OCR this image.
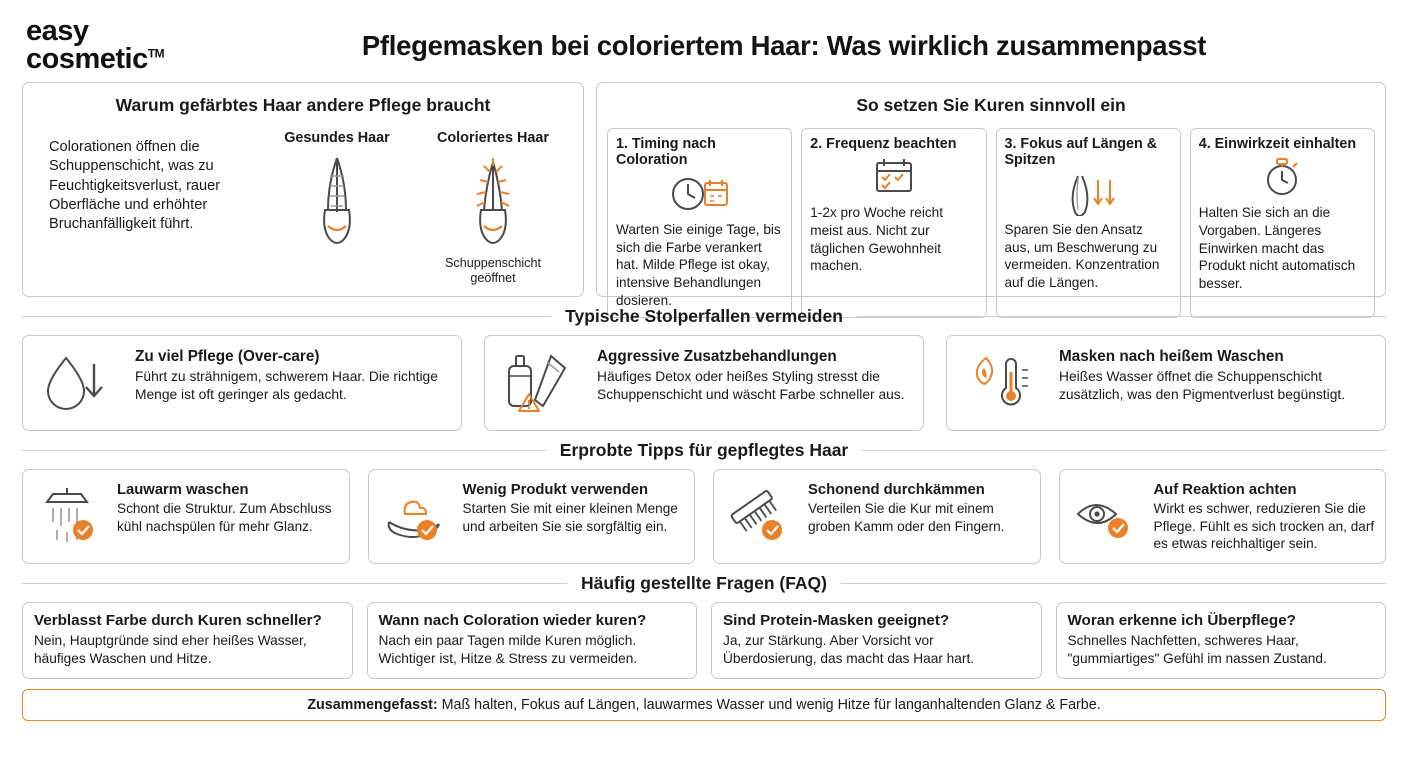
easy
cosmetic™	Pflegemasken bei coloriertem Haar: Was wirklich zusammenpasst
Warum gefärbtes Haar andere Pflege braucht
Colorationen öffnen die Schuppenschicht, was zu Feuchtigkeitsverlust, rauer Oberfläche und erhöhter Bruchanfälligkeit führt.
Gesundes Haar	Coloriertes Haar
Schuppenschicht
geöffnet
So setzen Sie Kuren sinnvoll ein
1. Timing nach Coloration
Warten Sie einige Tage, bis sich die Farbe verankert hat. Milde Pflege ist okay, intensive Behandlungen dosieren.
2. Frequenz beachten
1-2x pro Woche reicht meist aus. Nicht zur täglichen Gewohnheit machen.
3. Fokus auf Längen & Spitzen
Sparen Sie den Ansatz aus, um Beschwerung zu vermeiden. Konzentration auf die Längen.
4. Einwirkzeit einhalten
Halten Sie sich an die Vorgaben. Längeres Einwirken macht das Produkt nicht automatisch besser.
Typische Stolperfallen vermeiden
Zu viel Pflege (Over-care)
Führt zu strähnigem, schwerem Haar. Die richtige Menge ist oft geringer als gedacht.
Aggressive Zusatzbehandlungen
Häufiges Detox oder heißes Styling stresst die Schuppenschicht und wäscht Farbe schneller aus.
Masken nach heißem Waschen
Heißes Wasser öffnet die Schuppenschicht zusätzlich, was den Pigmentverlust begünstigt.
Erprobte Tipps für gepflegtes Haar
Lauwarm waschen
Schont die Struktur. Zum Abschluss kühl nachspülen für mehr Glanz.
Wenig Produkt verwenden
Starten Sie mit einer kleinen Menge und arbeiten Sie sie sorgfältig ein.
Schonend durchkämmen
Verteilen Sie die Kur mit einem groben Kamm oder den Fingern.
Auf Reaktion achten
Wirkt es schwer, reduzieren Sie die Pflege. Fühlt es sich trocken an, darf es etwas reichhaltiger sein.
Häufig gestellte Fragen (FAQ)
Verblasst Farbe durch Kuren schneller?
Nein, Hauptgründe sind eher heißes Wasser, häufiges Waschen und Hitze.
Wann nach Coloration wieder kuren?
Nach ein paar Tagen milde Kuren möglich. Wichtiger ist, Hitze & Stress zu vermeiden.
Sind Protein-Masken geeignet?
Ja, zur Stärkung. Aber Vorsicht vor Überdosierung, das macht das Haar hart.
Woran erkenne ich Überpflege?
Schnelles Nachfetten, schweres Haar, "gummiartiges" Gefühl im nassen Zustand.
Zusammengefasst: Maß halten, Fokus auf Längen, lauwarmes Wasser und wenig Hitze für langanhaltenden Glanz & Farbe.
